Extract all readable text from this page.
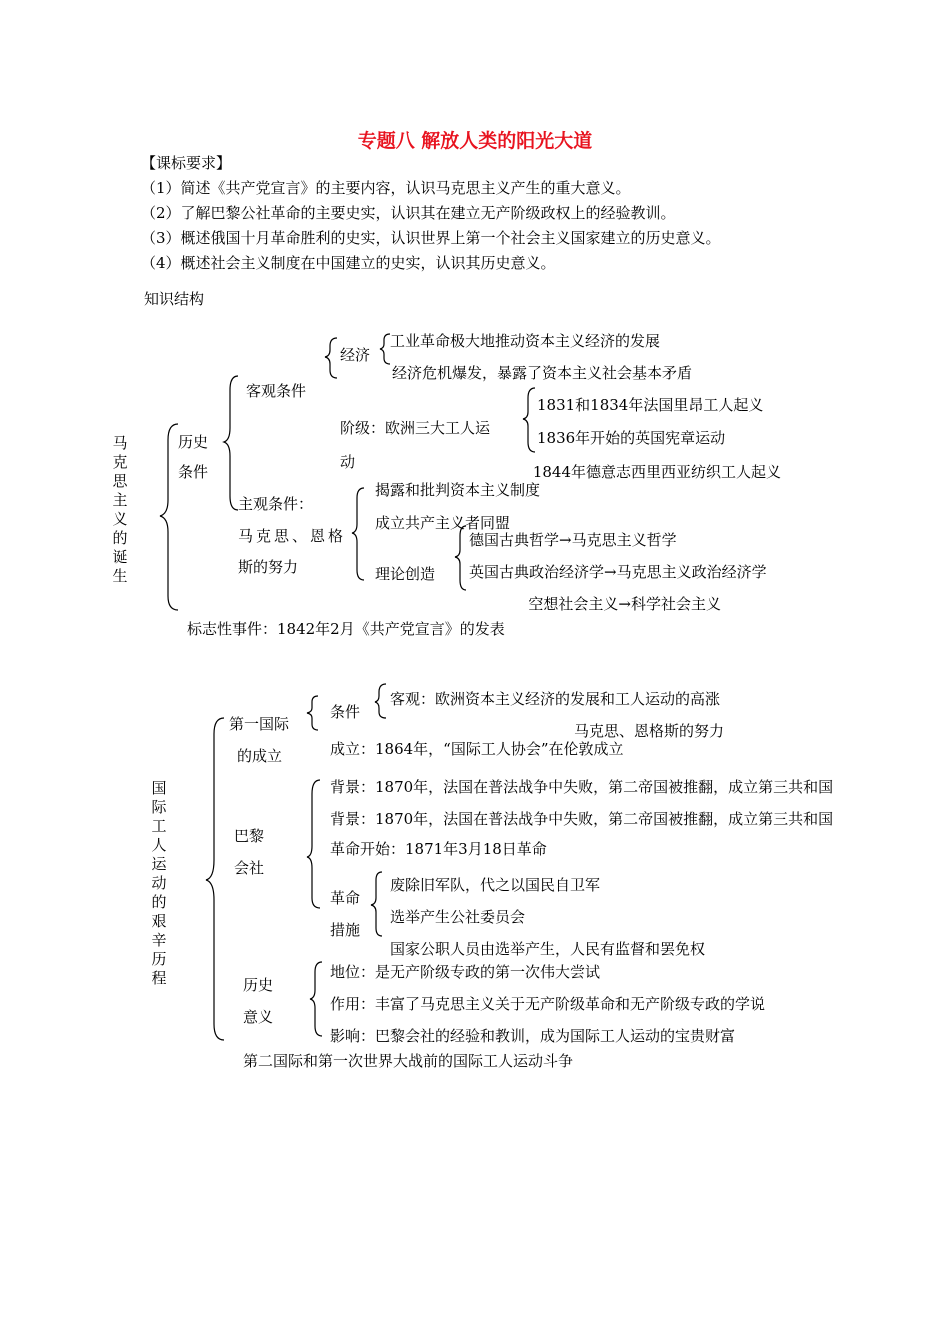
专题八 解放人类的阳光大道
【课标要求】
（1）简述《共产党宣言》的主要内容，认识马克思主义产生的重大意义。
（2）了解巴黎公社革命的主要史实，认识其在建立无产阶级政权上的经验教训。
（3）概述俄国十月革命胜利的史实，认识世界上第一个社会主义国家建立的历史意义。
（4）概述社会主义制度在中国建立的史实，认识其历史意义。
知识结构
马克思主义的诞生
历史
条件
客观条件
经济
工业革命极大地推动资本主义经济的发展
经济危机爆发，暴露了资本主义社会基本矛盾
阶级：欧洲三大工人运
动
1831和1834年法国里昂工人起义
1836年开始的英国宪章运动
1844年德意志西里西亚纺织工人起义
主观条件：
马克思、恩格
斯的努力
揭露和批判资本主义制度
成立共产主义者同盟
理论创造
德国古典哲学→马克思主义哲学
英国古典政治经济学→马克思主义政治经济学
空想社会主义→科学社会主义
标志性事件：1842年2月《共产党宣言》的发表
国际工人运动的艰辛历程
第一国际
的成立
条件
客观：欧洲资本主义经济的发展和工人运动的高涨
马克思、恩格斯的努力
成立：1864年，“国际工人协会”在伦敦成立
巴黎
会社
背景：1870年，法国在普法战争中失败，第二帝国被推翻，成立第三共和国
背景：1870年，法国在普法战争中失败，第二帝国被推翻，成立第三共和国
革命开始：1871年3月18日革命
革命
措施
废除旧军队，代之以国民自卫军
选举产生公社委员会
国家公职人员由选举产生，人民有监督和罢免权
历史
意义
地位：是无产阶级专政的第一次伟大尝试
作用：丰富了马克思主义关于无产阶级革命和无产阶级专政的学说
影响：巴黎会社的经验和教训，成为国际工人运动的宝贵财富
第二国际和第一次世界大战前的国际工人运动斗争
